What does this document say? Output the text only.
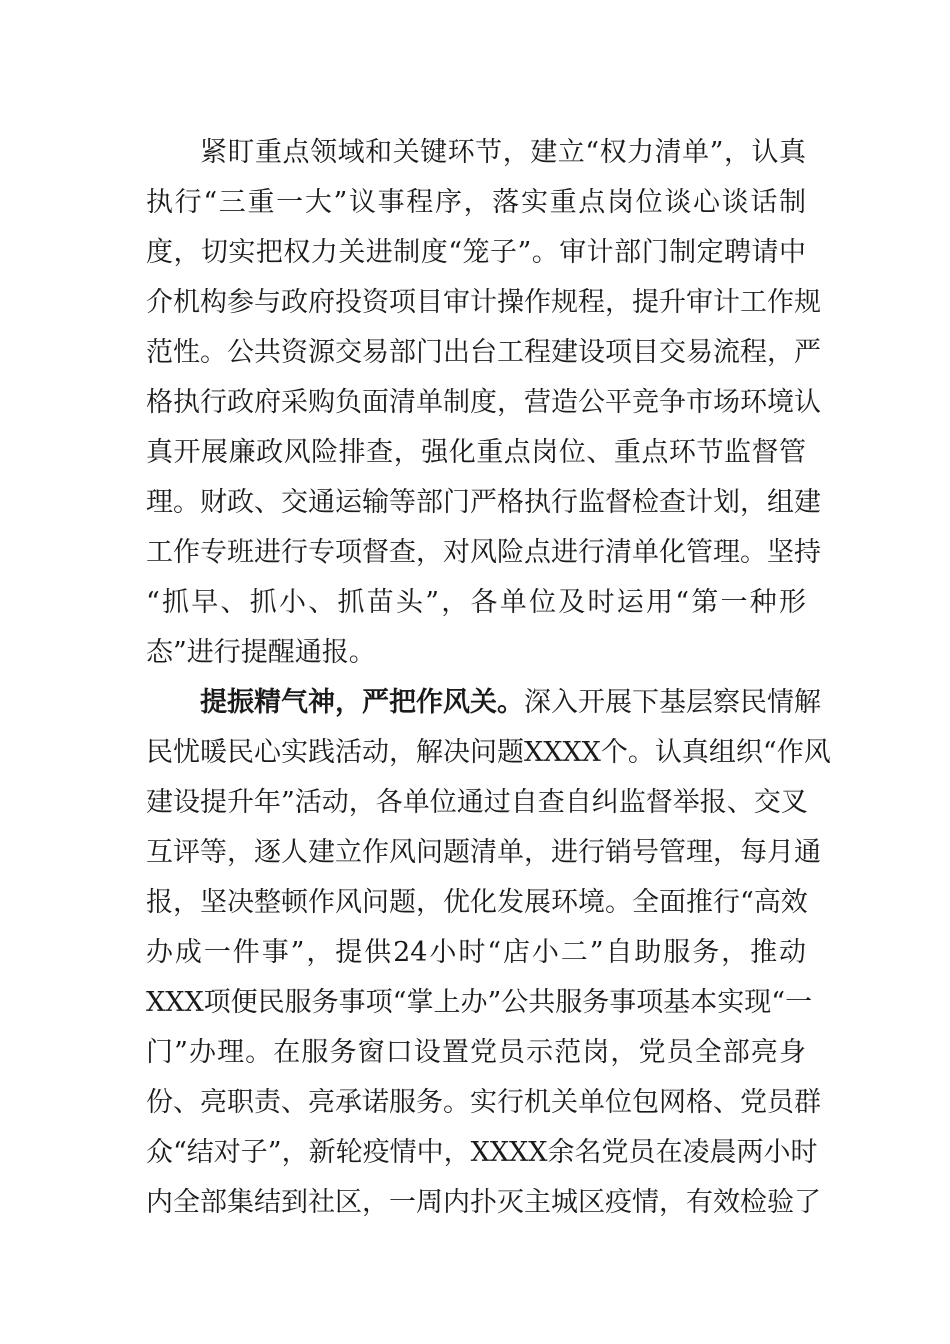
紧盯重点领域和关键环节，建立“权力清单”，认真
执行“三重一大”议事程序，落实重点岗位谈心谈话制
度，切实把权力关进制度“笼子”。审计部门制定聘请中
介机构参与政府投资项目审计操作规程，提升审计工作规
范性。公共资源交易部门出台工程建设项目交易流程，严
格执行政府采购负面清单制度，营造公平竞争市场环境认
真开展廉政风险排查，强化重点岗位、重点环节监督管
理。财政、交通运输等部门严格执行监督检查计划，组建
工作专班进行专项督查，对风险点进行清单化管理。坚持
“抓早、抓小、抓苗头”，各单位及时运用“第一种形
态”进行提醒通报。
提振精气神，严把作风关。深入开展下基层察民情解
民忧暖民心实践活动，解决问题XXXX个。认真组织“作风
建设提升年”活动，各单位通过自查自纠监督举报、交叉
互评等，逐人建立作风问题清单，进行销号管理，每月通
报，坚决整顿作风问题，优化发展环境。全面推行“高效
办成一件事”，提供24小时“店小二”自助服务，推动
XXX项便民服务事项“掌上办”公共服务事项基本实现“一
门”办理。在服务窗口设置党员示范岗，党员全部亮身
份、亮职责、亮承诺服务。实行机关单位包网格、党员群
众“结对子”，新轮疫情中，XXXX余名党员在凌晨两小时
内全部集结到社区，一周内扑灭主城区疫情，有效检验了
